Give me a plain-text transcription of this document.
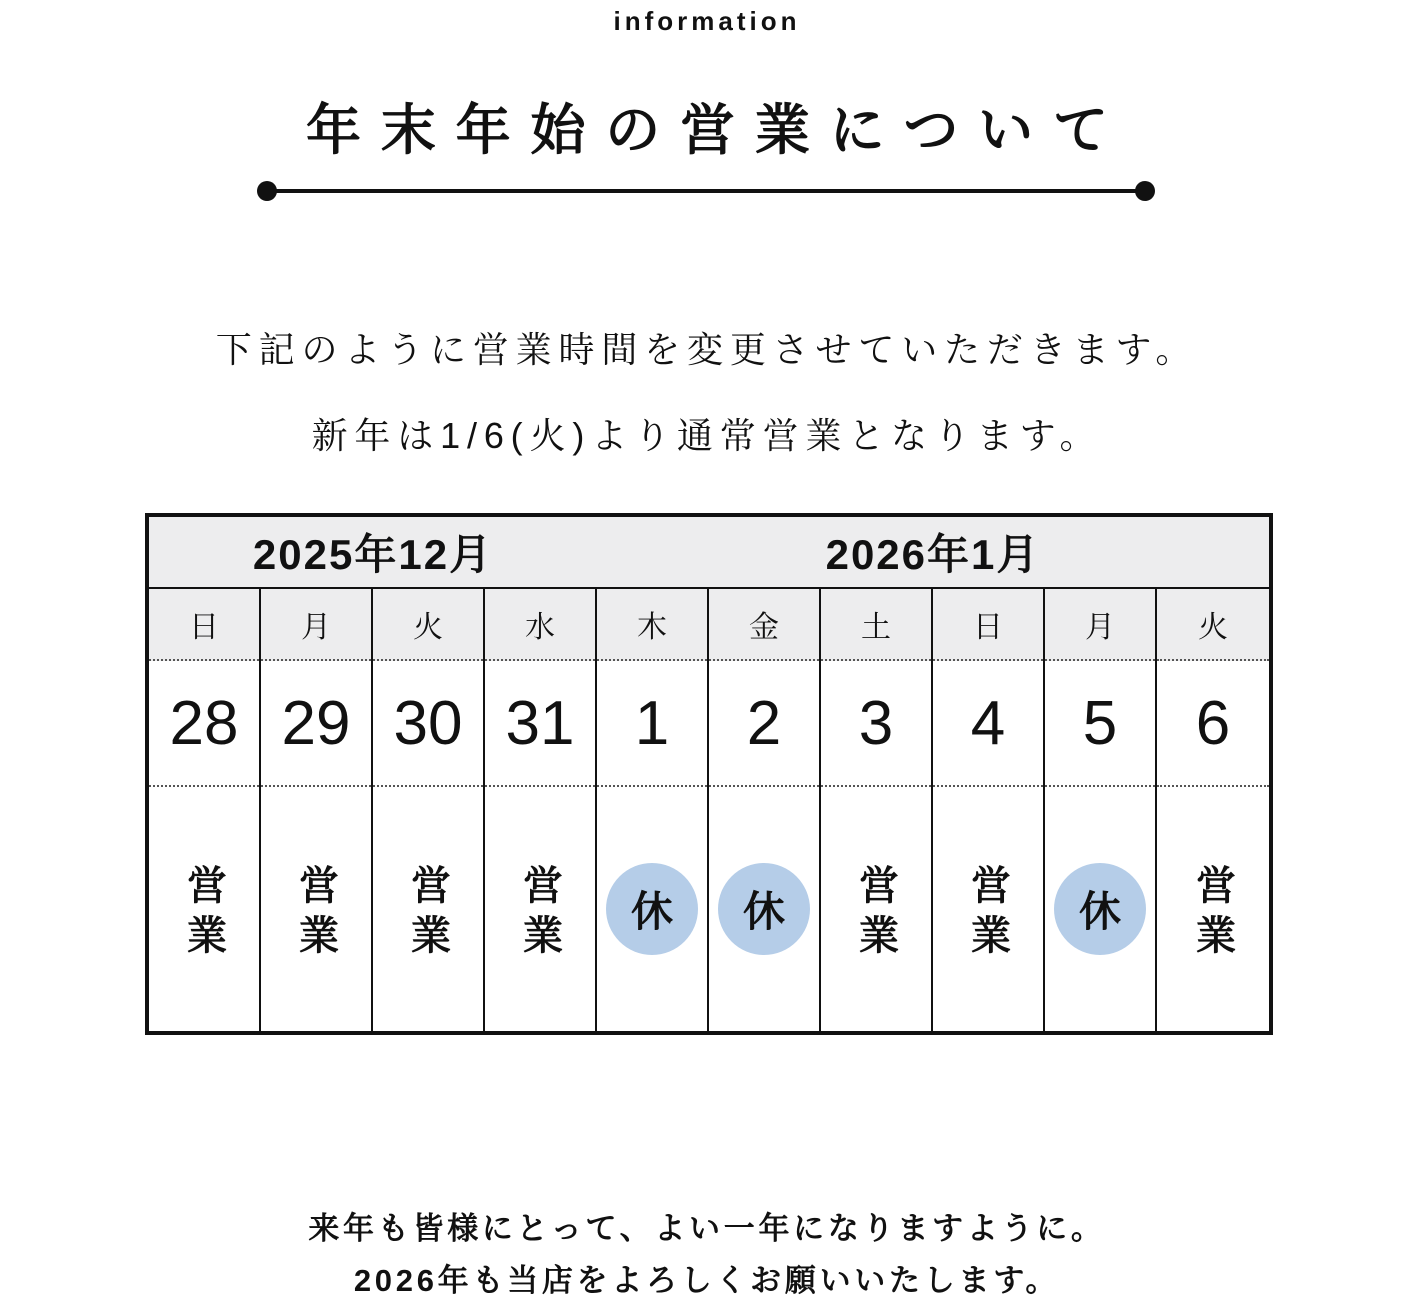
information
年末年始の営業について
下記のように営業時間を変更させていただきます。
新年は1/6(火)より通常営業となります。
2025年12月	2026年1月
日
28
営業
月
29
営業
火
30
営業
水
31
営業
木
1
休
金
2
休
土
3
営業
日
4
営業
月
5
休
火
6
営業
来年も皆様にとって、よい一年になりますように。
2026年も当店をよろしくお願いいたします。
